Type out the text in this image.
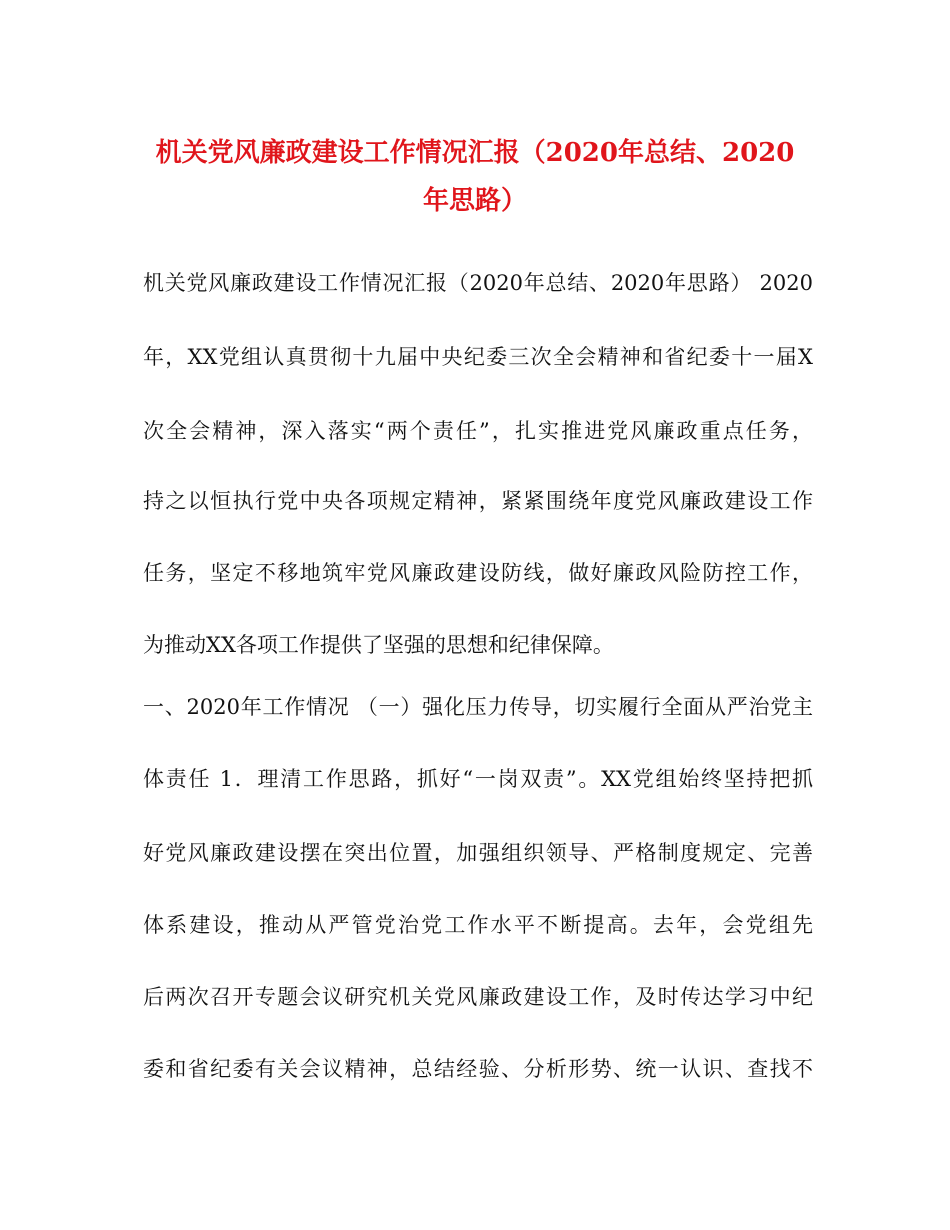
机关党风廉政建设工作情况汇报（2020年总结、2020
年思路）

机关党风廉政建设工作情况汇报（2020年总结、2020年思路） 2020

年，XX党组认真贯彻十九届中央纪委三次全会精神和省纪委十一届X

次全会精神，深入落实“两个责任”，扎实推进党风廉政重点任务，

持之以恒执行党中央各项规定精神，紧紧围绕年度党风廉政建设工作

任务，坚定不移地筑牢党风廉政建设防线，做好廉政风险防控工作，

为推动XX各项工作提供了坚强的思想和纪律保障。

一、2020年工作情况 （一）强化压力传导，切实履行全面从严治党主

体责任 1．理清工作思路，抓好“一岗双责”。XX党组始终坚持把抓

好党风廉政建设摆在突出位置，加强组织领导、严格制度规定、完善

体系建设，推动从严管党治党工作水平不断提高。去年，会党组先

后两次召开专题会议研究机关党风廉政建设工作，及时传达学习中纪

委和省纪委有关会议精神，总结经验、分析形势、统一认识、查找不
